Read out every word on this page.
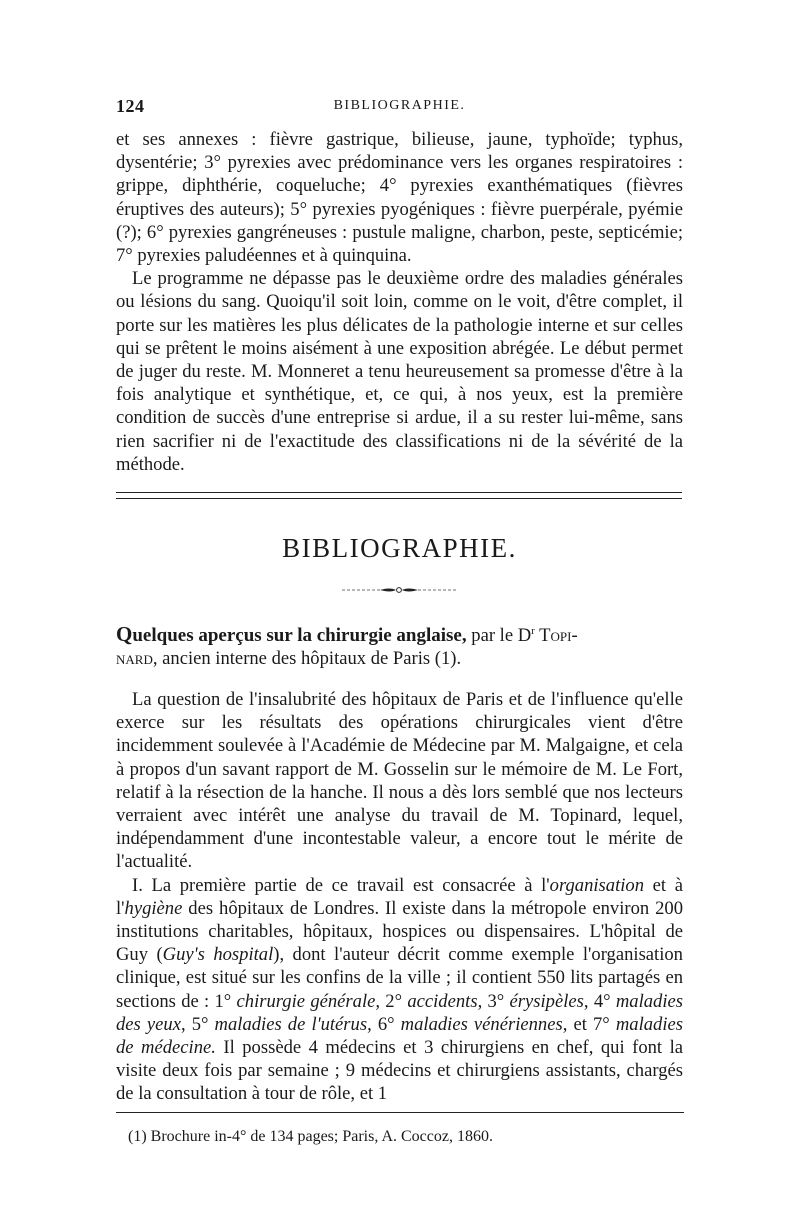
124	BIBLIOGRAPHIE.

et ses annexes : fièvre gastrique, bilieuse, jaune, typhoïde; typhus, dysentérie; 3° pyrexies avec prédominance vers les organes respiratoires : grippe, diphthérie, coqueluche; 4° pyrexies exanthématiques (fièvres éruptives des auteurs); 5° pyrexies pyogéniques : fièvre puerpérale, pyémie (?); 6° pyrexies gangréneuses : pustule maligne, charbon, peste, septicémie; 7° pyrexies paludéennes et à quinquina.

Le programme ne dépasse pas le deuxième ordre des maladies générales ou lésions du sang. Quoiqu'il soit loin, comme on le voit, d'être complet, il porte sur les matières les plus délicates de la pathologie interne et sur celles qui se prêtent le moins aisément à une exposition abrégée. Le début permet de juger du reste. M. Monneret a tenu heureusement sa promesse d'être à la fois analytique et synthétique, et, ce qui, à nos yeux, est la première condition de succès d'une entreprise si ardue, il a su rester lui-même, sans rien sacrifier ni de l'exactitude des classifications ni de la sévérité de la méthode.

BIBLIOGRAPHIE.

Quelques aperçus sur la chirurgie anglaise, par le $D^r$ Topi-
nard, ancien interne des hôpitaux de Paris (1).

La question de l'insalubrité des hôpitaux de Paris et de l'influence qu'elle exerce sur les résultats des opérations chirurgicales vient d'être incidemment soulevée à l'Académie de Médecine par M. Malgaigne, et cela à propos d'un savant rapport de M. Gosselin sur le mémoire de M. Le Fort, relatif à la résection de la hanche. Il nous a dès lors semblé que nos lecteurs verraient avec intérêt une analyse du travail de M. Topinard, lequel, indépendamment d'une incontestable valeur, a encore tout le mérite de l'actualité.

I. La première partie de ce travail est consacrée à l'organisation et à l'hygiène des hôpitaux de Londres. Il existe dans la métropole environ 200 institutions charitables, hôpitaux, hospices ou dispensaires. L'hôpital de Guy (Guy's hospital), dont l'auteur décrit comme exemple l'organisation clinique, est situé sur les confins de la ville ; il contient 550 lits partagés en sections de : 1° chirurgie générale, 2° accidents, 3° érysipèles, 4° maladies des yeux, 5° maladies de l'utérus, 6° maladies vénériennes, et 7° maladies de médecine. Il possède 4 médecins et 3 chirurgiens en chef, qui font la visite deux fois par semaine ; 9 médecins et chirurgiens assistants, chargés de la consultation à tour de rôle, et 1

(1) Brochure in-4° de 134 pages; Paris, A. Coccoz, 1860.
